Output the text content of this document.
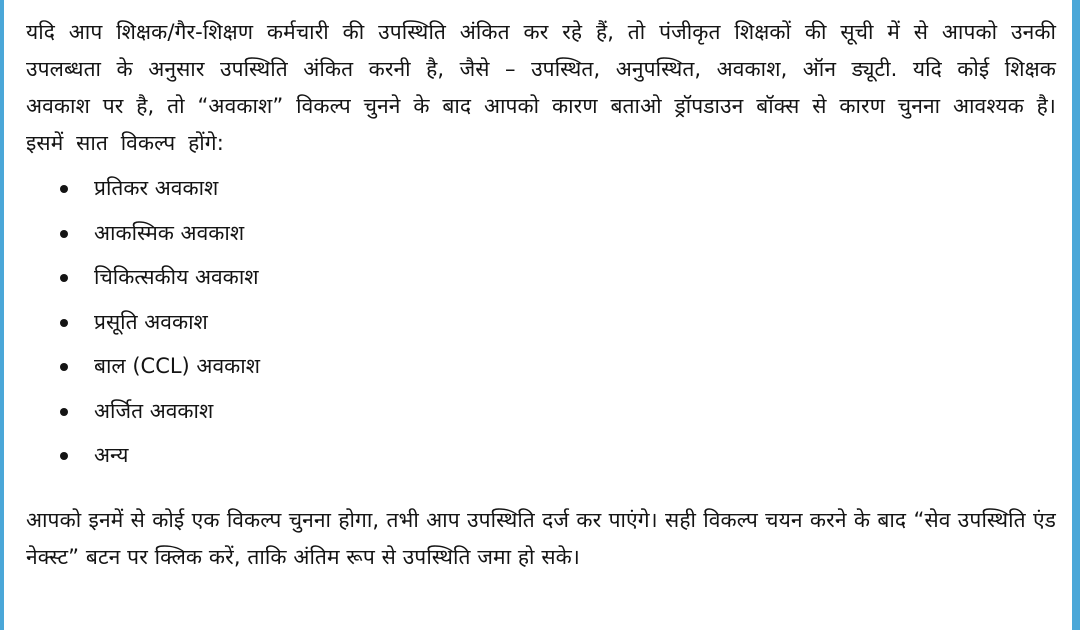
यदि आप शिक्षक/गैर-शिक्षण कर्मचारी की उपस्थिति अंकित कर रहे हैं, तो पंजीकृत शिक्षकों की सूची में से आपको उनकी उपलब्धता के अनुसार उपस्थिति अंकित करनी है, जैसे – उपस्थित, अनुपस्थित, अवकाश, ऑन ड्यूटी. यदि कोई शिक्षक अवकाश पर है, तो “अवकाश” विकल्प चुनने के बाद आपको कारण बताओ ड्रॉपडाउन बॉक्स से कारण चुनना आवश्यक है। इसमें सात विकल्प होंगे:

प्रतिकर अवकाश
आकस्मिक अवकाश
चिकित्सकीय अवकाश
प्रसूति अवकाश
बाल (CCL) अवकाश
अर्जित अवकाश
अन्य

आपको इनमें से कोई एक विकल्प चुनना होगा, तभी आप उपस्थिति दर्ज कर पाएंगे। सही विकल्प चयन करने के बाद “सेव उपस्थिति एंड नेक्स्ट” बटन पर क्लिक करें, ताकि अंतिम रूप से उपस्थिति जमा हो सके।
